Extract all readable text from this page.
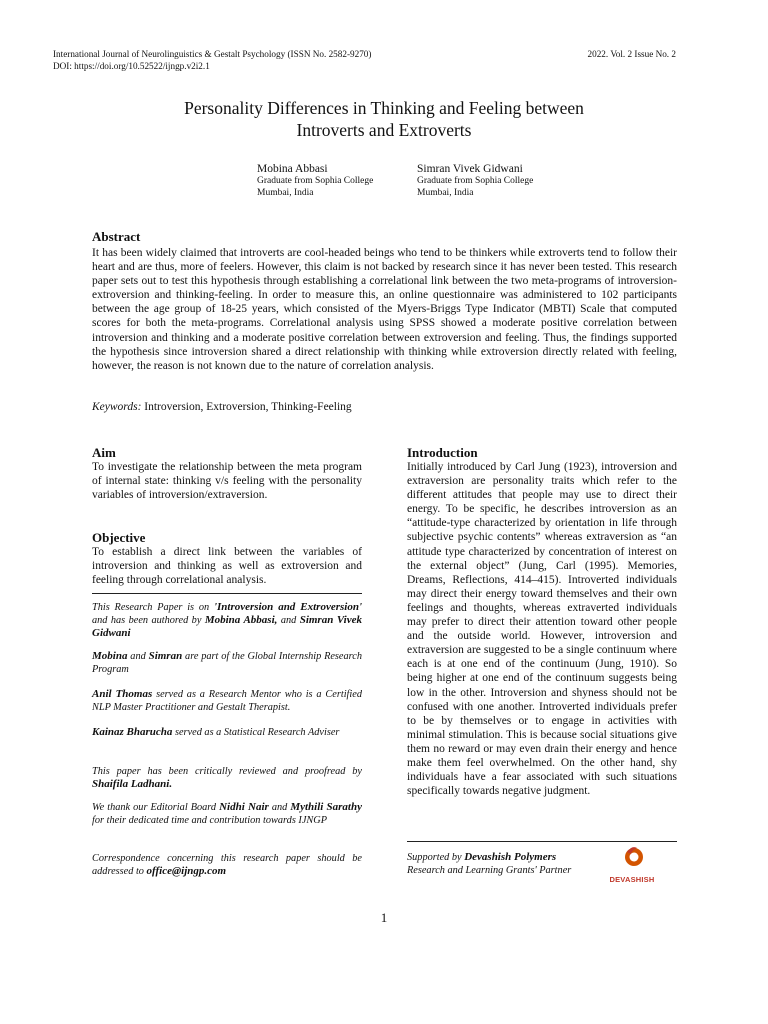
International Journal of Neurolinguistics & Gestalt Psychology (ISSN No. 2582-9270)
DOI: https://doi.org/10.52522/ijngp.v2i2.1
2022. Vol. 2 Issue No. 2
Personality Differences in Thinking and Feeling between
Introverts and Extroverts
Mobina Abbasi
Graduate from Sophia College
Mumbai, India
Simran Vivek Gidwani
Graduate from Sophia College
Mumbai, India
Abstract
It has been widely claimed that introverts are cool-headed beings who tend to be thinkers while extroverts tend to follow their heart and are thus, more of feelers. However, this claim is not backed by research since it has never been tested. This research paper sets out to test this hypothesis through establishing a correlational link between the two meta-programs of introversion-extroversion and thinking-feeling. In order to measure this, an online questionnaire was administered to 102 participants between the age group of 18-25 years, which consisted of the Myers-Briggs Type Indicator (MBTI) Scale that computed scores for both the meta-programs. Correlational analysis using SPSS showed a moderate positive correlation between introversion and thinking and a moderate positive correlation between extroversion and feeling. Thus, the findings supported the hypothesis since introversion shared a direct relationship with thinking while extroversion directly related with feeling, however, the reason is not known due to the nature of correlation analysis.
Keywords: Introversion, Extroversion, Thinking-Feeling
Aim
To investigate the relationship between the meta program of internal state: thinking v/s feeling with the personality variables of introversion/extraversion.
Objective
To establish a direct link between the variables of introversion and thinking as well as extroversion and feeling through correlational analysis.
This Research Paper is on 'Introversion and Extroversion' and has been authored by Mobina Abbasi, and Simran Vivek Gidwani
Mobina and Simran are part of the Global Internship Research Program
Anil Thomas served as a Research Mentor who is a Certified NLP Master Practitioner and Gestalt Therapist.
Kainaz Bharucha served as a Statistical Research Adviser
This paper has been critically reviewed and proofread by Shaifila Ladhani.
We thank our Editorial Board Nidhi Nair and Mythili Sarathy for their dedicated time and contribution towards IJNGP
Correspondence concerning this research paper should be addressed to office@ijngp.com
Introduction
Initially introduced by Carl Jung (1923), introversion and extraversion are personality traits which refer to the different attitudes that people may use to direct their energy. To be specific, he describes introversion as an “attitude-type characterized by orientation in life through subjective psychic contents” whereas extraversion as “an attitude type characterized by concentration of interest on the external object” (Jung, Carl (1995). Memories, Dreams, Reflections, 414–415). Introverted individuals may direct their energy toward themselves and their own feelings and thoughts, whereas extraverted individuals may prefer to direct their attention toward other people and the outside world. However, introversion and extraversion are suggested to be a single continuum where each is at one end of the continuum (Jung, 1910). So being higher at one end of the continuum suggests being low in the other. Introversion and shyness should not be confused with one another. Introverted individuals prefer to be by themselves or to engage in activities with minimal stimulation. This is because social situations give them no reward or may even drain their energy and hence make them feel overwhelmed. On the other hand, shy individuals have a fear associated with such situations specifically towards negative judgment.
Supported by Devashish Polymers
Research and Learning Grants' Partner
DEVASHISH
1
